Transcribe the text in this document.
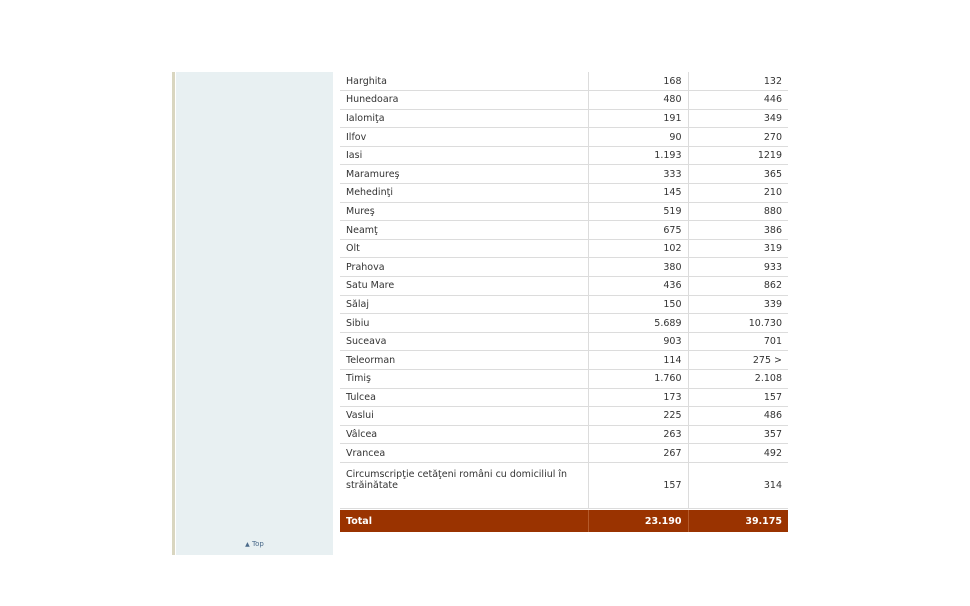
▲ Top
Harghita	168	132
Hunedoara	480	446
Ialomiţa	191	349
Ilfov	90	270
Iasi	1.193	1219
Maramureş	333	365
Mehedinţi	145	210
Mureş	519	880
Neamţ	675	386
Olt	102	319
Prahova	380	933
Satu Mare	436	862
Sălaj	150	339
Sibiu	5.689	10.730
Suceava	903	701
Teleorman	114	275 >
Timiş	1.760	2.108
Tulcea	173	157
Vaslui	225	486
Vâlcea	263	357
Vrancea	267	492
Circumscripţie cetăţeni români cu domiciliul în străinătate	157	314

Total	23.190	39.175
